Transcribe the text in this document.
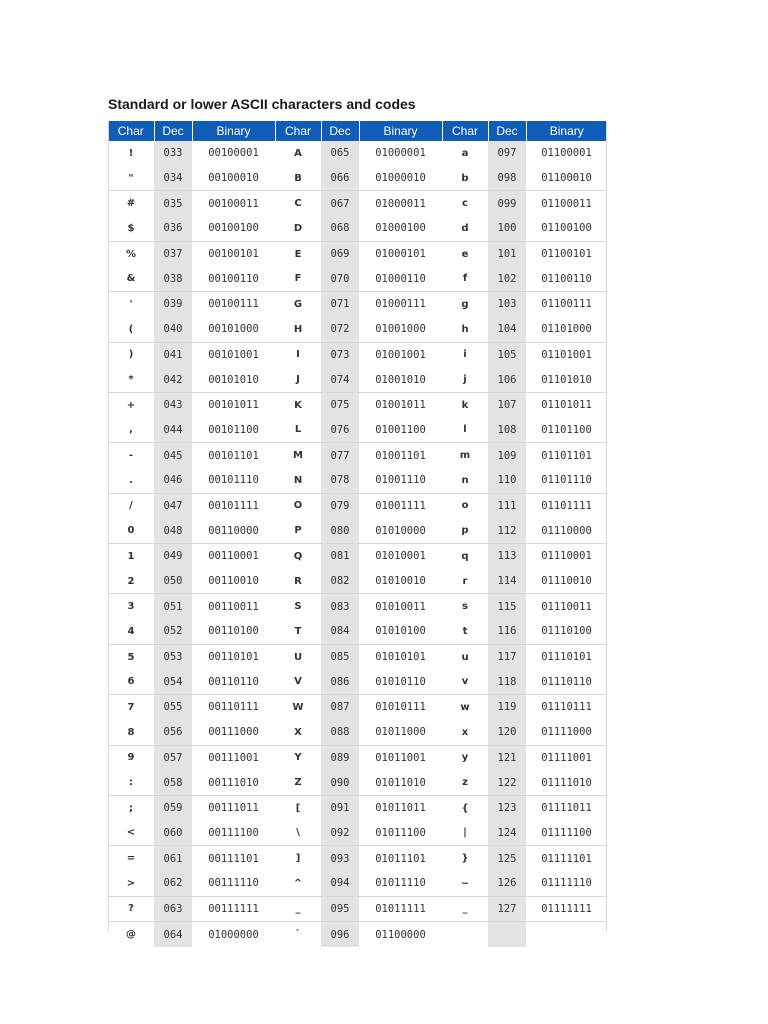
Standard or lower ASCII characters and codes
Char	Dec	Binary	Char	Dec	Binary	Char	Dec	Binary
!	033	00100001	A	065	01000001	a	097	01100001
"	034	00100010	B	066	01000010	b	098	01100010
#	035	00100011	C	067	01000011	c	099	01100011
$	036	00100100	D	068	01000100	d	100	01100100
%	037	00100101	E	069	01000101	e	101	01100101
&	038	00100110	F	070	01000110	f	102	01100110
'	039	00100111	G	071	01000111	g	103	01100111
(	040	00101000	H	072	01001000	h	104	01101000
)	041	00101001	I	073	01001001	i	105	01101001
*	042	00101010	J	074	01001010	j	106	01101010
+	043	00101011	K	075	01001011	k	107	01101011
,	044	00101100	L	076	01001100	l	108	01101100
-	045	00101101	M	077	01001101	m	109	01101101
.	046	00101110	N	078	01001110	n	110	01101110
/	047	00101111	O	079	01001111	o	111	01101111
0	048	00110000	P	080	01010000	p	112	01110000
1	049	00110001	Q	081	01010001	q	113	01110001
2	050	00110010	R	082	01010010	r	114	01110010
3	051	00110011	S	083	01010011	s	115	01110011
4	052	00110100	T	084	01010100	t	116	01110100
5	053	00110101	U	085	01010101	u	117	01110101
6	054	00110110	V	086	01010110	v	118	01110110
7	055	00110111	W	087	01010111	w	119	01110111
8	056	00111000	X	088	01011000	x	120	01111000
9	057	00111001	Y	089	01011001	y	121	01111001
:	058	00111010	Z	090	01011010	z	122	01111010
;	059	00111011	[	091	01011011	{	123	01111011
<	060	00111100	\	092	01011100	|	124	01111100
=	061	00111101	]	093	01011101	}	125	01111101
>	062	00111110	^	094	01011110	~	126	01111110
?	063	00111111	_	095	01011111	_	127	01111111
@	064	01000000	`	096	01100000			
